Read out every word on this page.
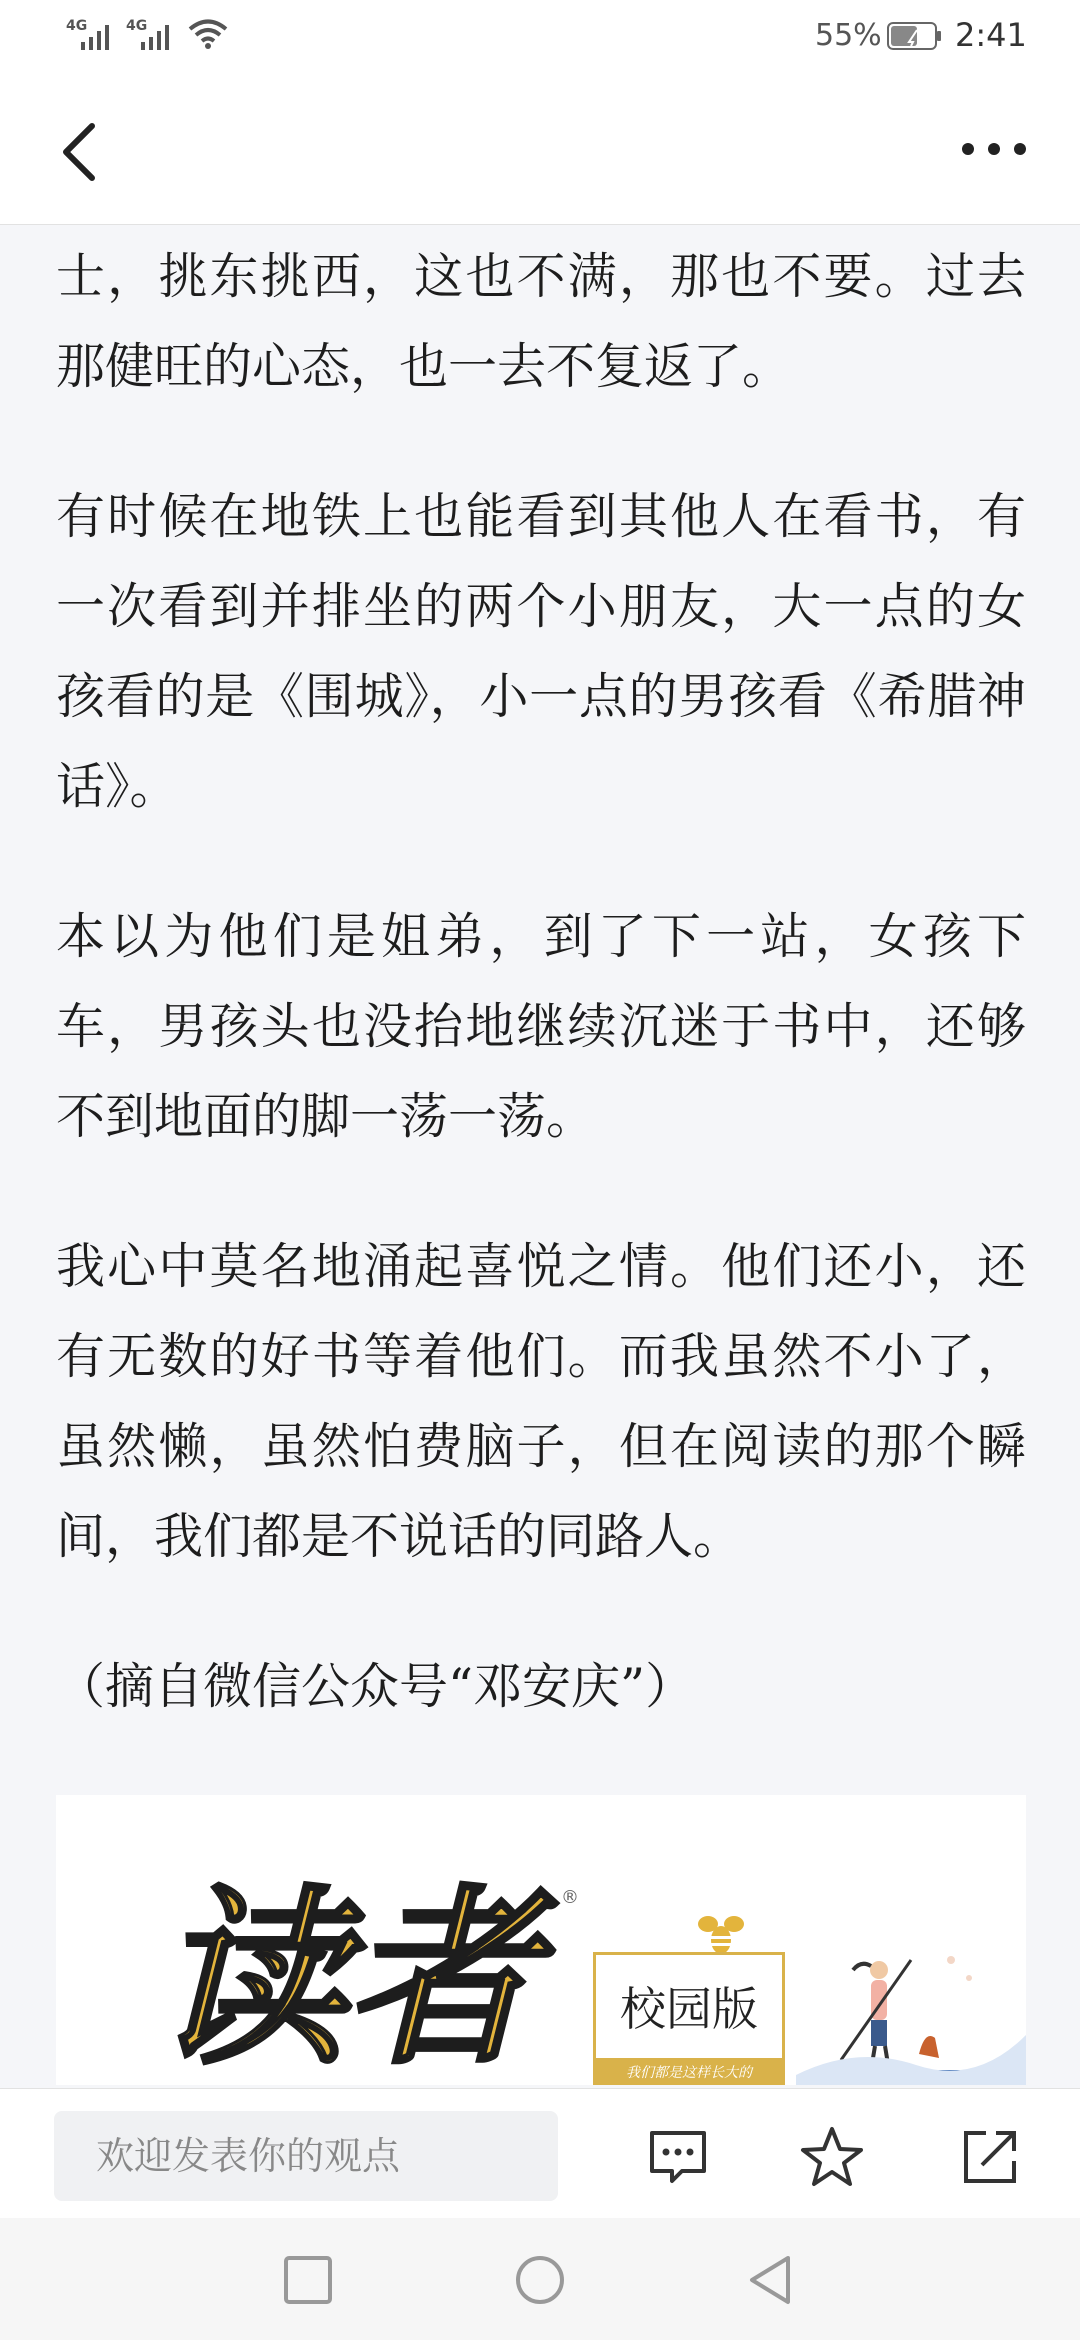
4G	4G	55% 2:41

士，挑东挑西，这也不满，那也不要。过去那健旺的心态，也一去不复返了。

有时候在地铁上也能看到其他人在看书，有一次看到并排坐的两个小朋友，大一点的女孩看的是《围城》，小一点的男孩看《希腊神话》。

本以为他们是姐弟，到了下一站，女孩下车，男孩头也没抬地继续沉迷于书中，还够不到地面的脚一荡一荡。

我心中莫名地涌起喜悦之情。他们还小，还有无数的好书等着他们。而我虽然不小了，虽然懒，虽然怕费脑子，但在阅读的那个瞬间，我们都是不说话的同路人。

（摘自微信公众号“邓安庆”）

读者	®
校园版
我们都是这样长大的
欢迎发表你的观点
